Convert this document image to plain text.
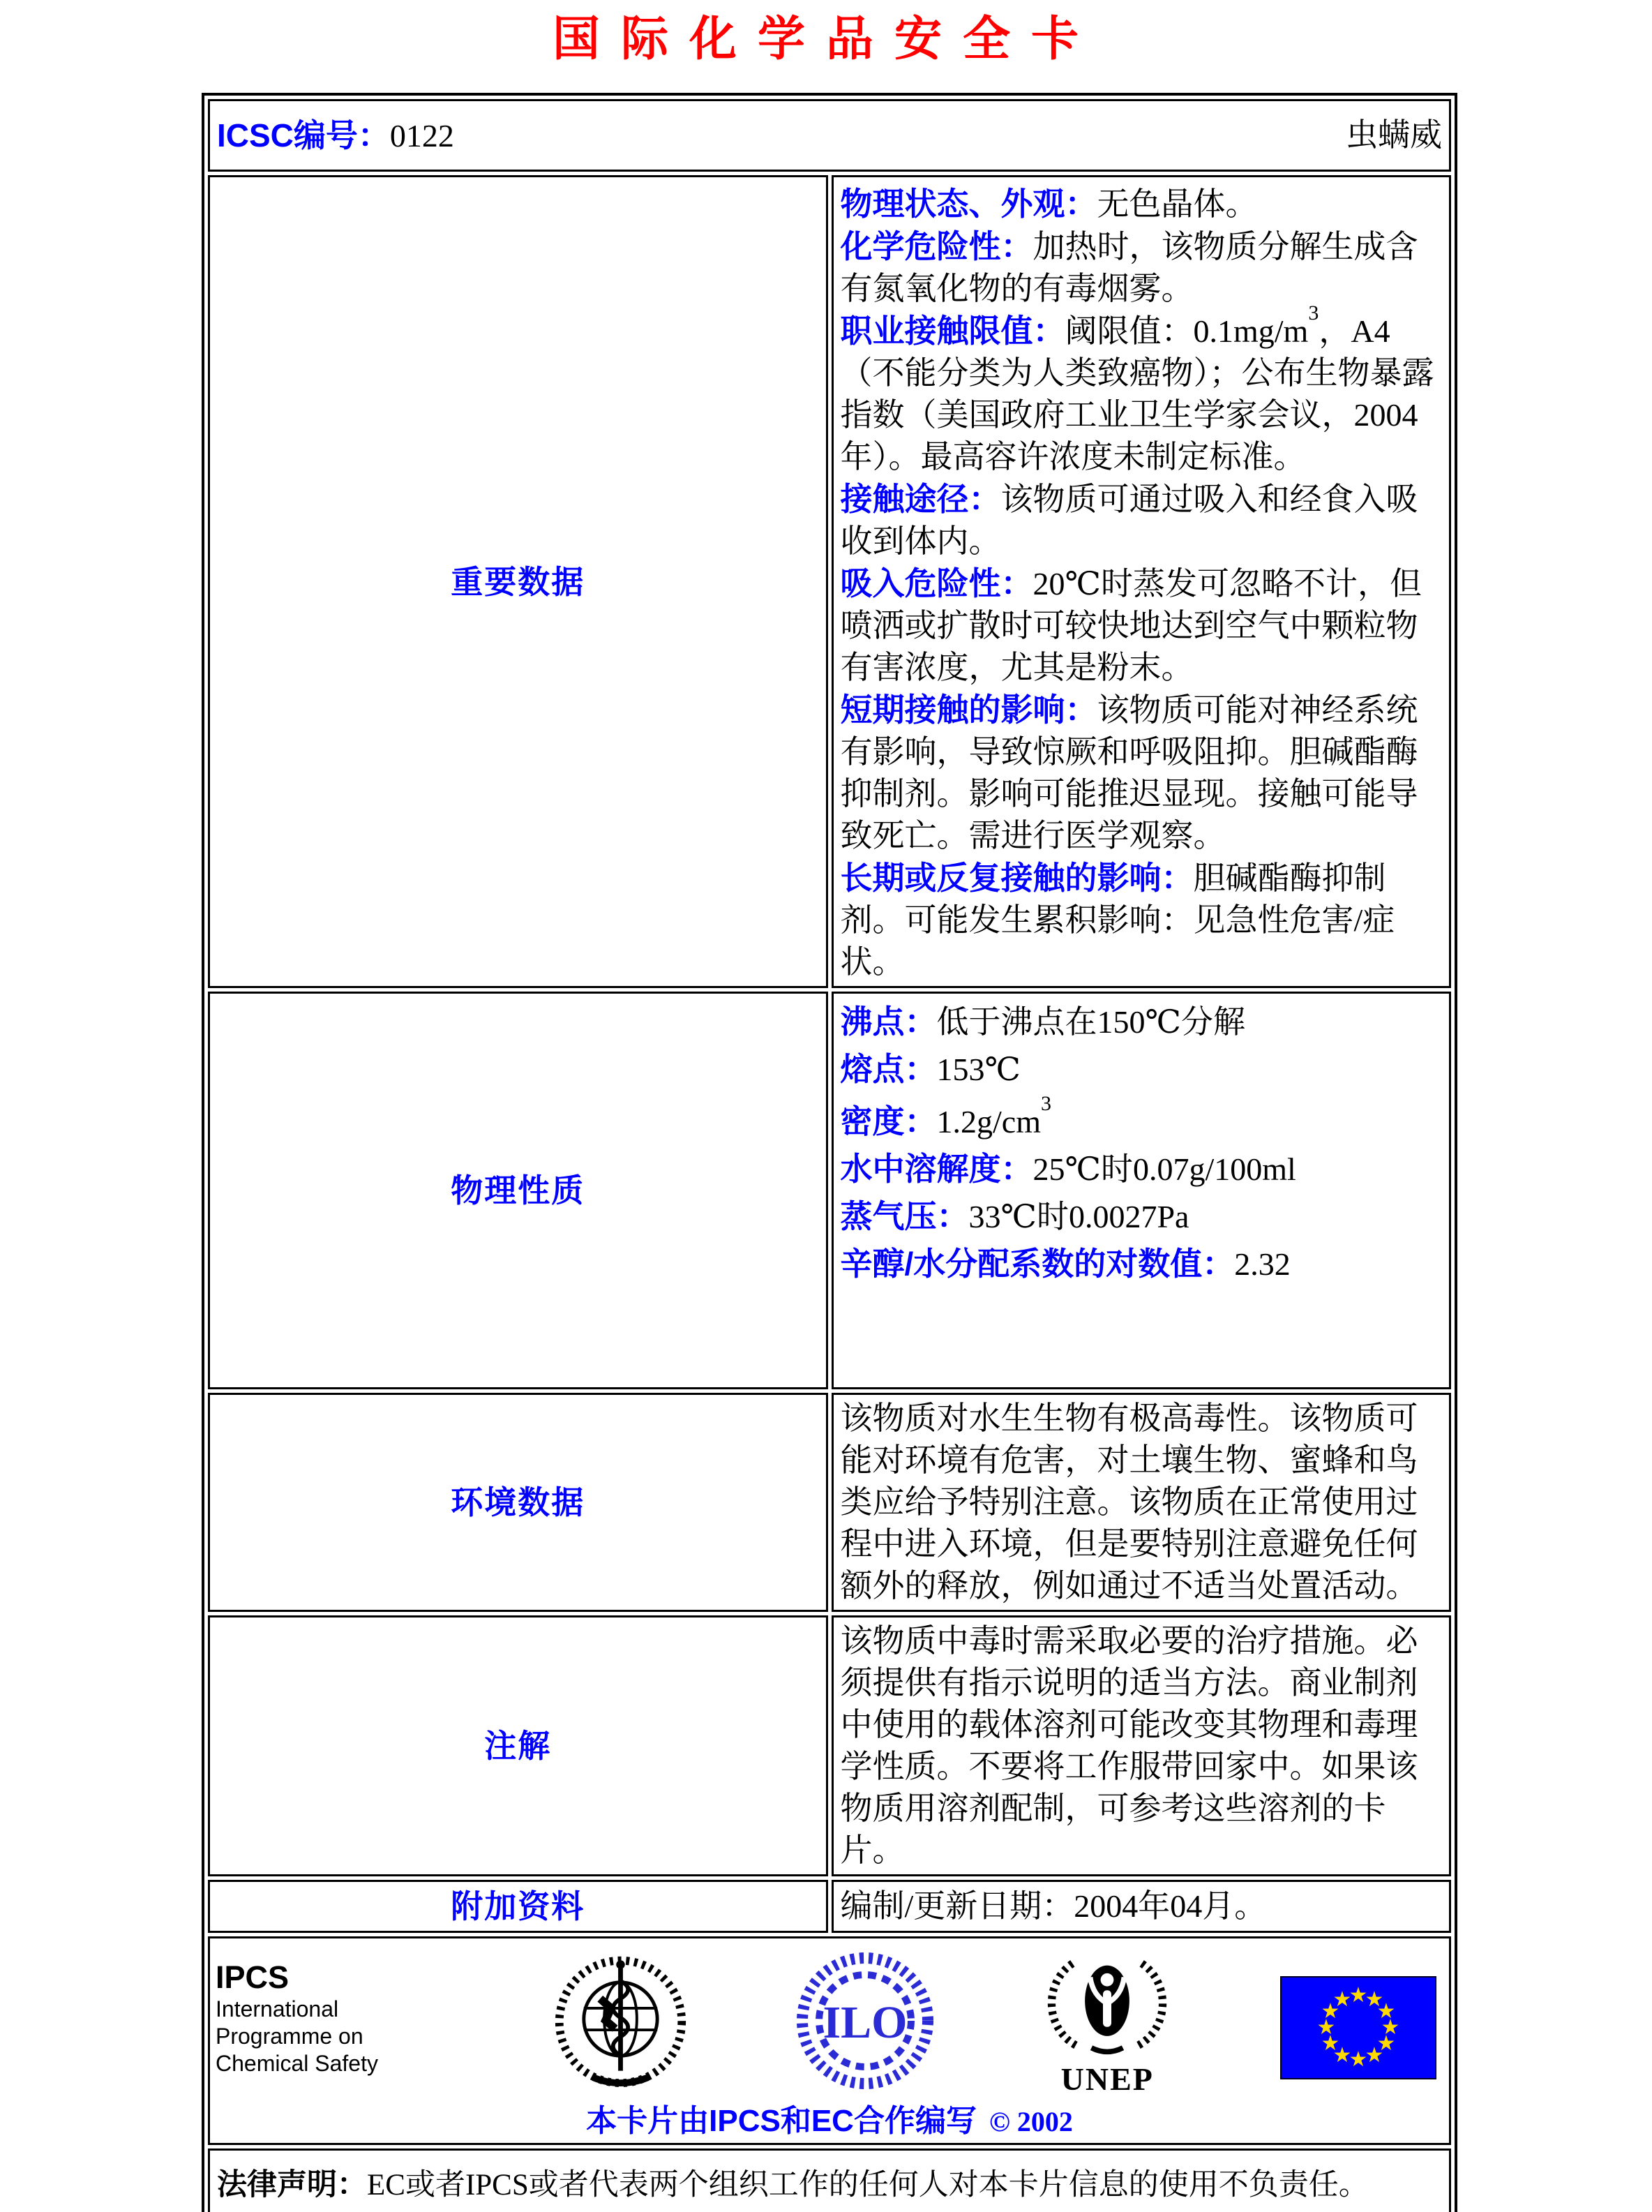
国际化学品安全卡
ICSC编号：0122 虫螨威	

重要数据	
物理状态、外观：无色晶体。
化学危险性：加热时，该物质分解生成含有氮氧化物的有毒烟雾。
职业接触限值：阈限值：$0.1mg/m^3$，A4（不能分类为人类致癌物）；公布生物暴露指数（美国政府工业卫生学家会议，2004年）。最高容许浓度未制定标准。
接触途径：该物质可通过吸入和经食入吸收到体内。
吸入危险性：20℃时蒸发可忽略不计，但喷洒或扩散时可较快地达到空气中颗粒物有害浓度，尤其是粉末。
短期接触的影响：该物质可能对神经系统有影响，导致惊厥和呼吸阻抑。胆碱酯酶抑制剂。影响可能推迟显现。接触可能导致死亡。需进行医学观察。
长期或反复接触的影响：胆碱酯酶抑制剂。可能发生累积影响：见急性危害/症状。

物理性质	
沸点：低于沸点在150℃分解
熔点：153℃
密度：$1.2g/cm^3$
水中溶解度：25℃时0.07g/100ml
蒸气压：33℃时0.0027Pa
辛醇/水分配系数的对数值：2.32

环境数据	该物质对水生生物有极高毒性。该物质可能对环境有危害，对土壤生物、蜜蜂和鸟类应给予特别注意。该物质在正常使用过程中进入环境，但是要特别注意避免任何额外的释放，例如通过不适当处置活动。
注解	该物质中毒时需采取必要的治疗措施。必须提供有指示说明的适当方法。商业制剂中使用的载体溶剂可能改变其物理和毒理学性质。不要将工作服带回家中。如果该物质用溶剂配制，可参考这些溶剂的卡片。
附加资料	编制/更新日期：2004年04月。

IPCS
International
Programme on
Chemical Safety
ILO
UNEP
★
★
★
★
★
★
★
★
★
★
★
★
本卡片由IPCS和EC合作编写 © 2002

法律声明：EC或者IPCS或者代表两个组织工作的任何人对本卡片信息的使用不负责任。	
